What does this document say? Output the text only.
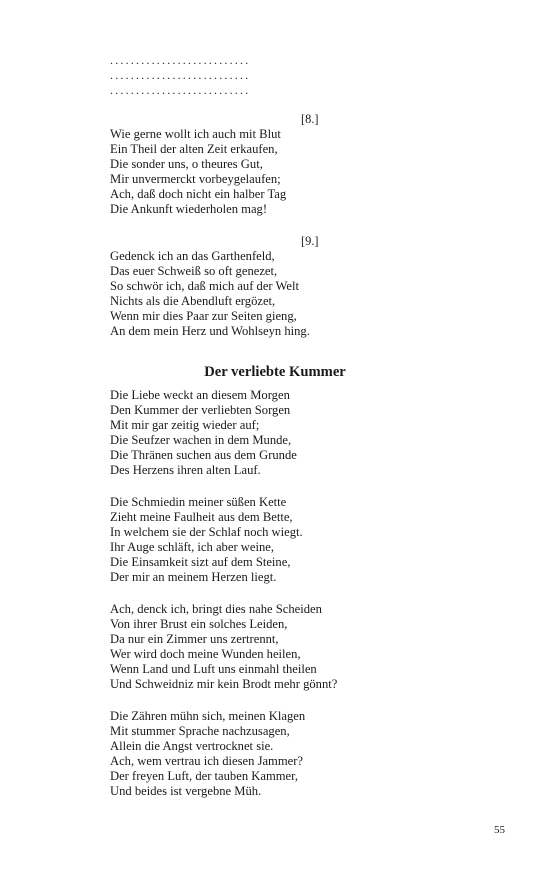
...........................
...........................
...........................
[8.]
Wie gerne wollt ich auch mit Blut
Ein Theil der alten Zeit erkaufen,
Die sonder uns, o theures Gut,
Mir unvermerckt vorbeygelaufen;
Ach, daß doch nicht ein halber Tag
Die Ankunft wiederholen mag!
[9.]
Gedenck ich an das Garthenfeld,
Das euer Schweiß so oft genezet,
So schwör ich, daß mich auf der Welt
Nichts als die Abendluft ergözet,
Wenn mir dies Paar zur Seiten gieng,
An dem mein Herz und Wohlseyn hing.
Der verliebte Kummer
Die Liebe weckt an diesem Morgen
Den Kummer der verliebten Sorgen
Mit mir gar zeitig wieder auf;
Die Seufzer wachen in dem Munde,
Die Thränen suchen aus dem Grunde
Des Herzens ihren alten Lauf.
Die Schmiedin meiner süßen Kette
Zieht meine Faulheit aus dem Bette,
In welchem sie der Schlaf noch wiegt.
Ihr Auge schläft, ich aber weine,
Die Einsamkeit sizt auf dem Steine,
Der mir an meinem Herzen liegt.
Ach, denck ich, bringt dies nahe Scheiden
Von ihrer Brust ein solches Leiden,
Da nur ein Zimmer uns zertrennt,
Wer wird doch meine Wunden heilen,
Wenn Land und Luft uns einmahl theilen
Und Schweidniz mir kein Brodt mehr gönnt?
Die Zähren mühn sich, meinen Klagen
Mit stummer Sprache nachzusagen,
Allein die Angst vertrocknet sie.
Ach, wem vertrau ich diesen Jammer?
Der freyen Luft, der tauben Kammer,
Und beides ist vergebne Müh.
55
